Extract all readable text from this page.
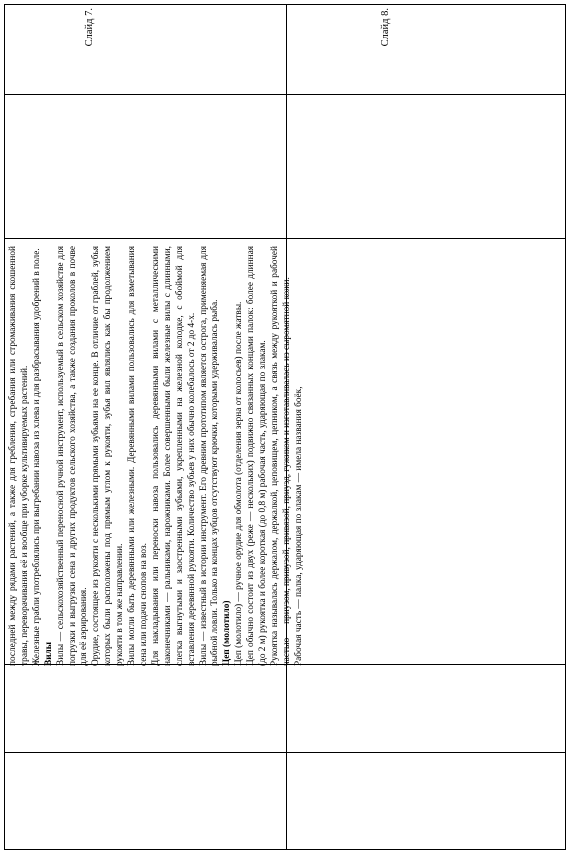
Слайд 7.	Слайд 8.

последней между рядами растений, а также для гребления, сгребания или стромаживания скошенной травы, переворачивания её и вообще при уборке культивируемых растений. Железные грабли употреблялись при выгребании навоза из хлева и для разбрасывания удобрений в поле. Вилы Вилы — сельскохозяйственный переносной ручной инструмент, используемый в сельском хозяйстве для погрузки и выгрузки сена и других продуктов сельского хозяйства, а также создания проколов в почве для её аэрирования. Орудие, состоящее из рукояти с несколькими прямыми зубьями на ее конце. В отличие от граблей, зубья которых были расположены под прямым углом к рукояти, зубья вил являлись как бы продолжением рукояти в том же направлении. Вилы могли быть деревянными или железными. Деревянными вилами пользовались для взметывания сена или подачи снопов на воз. Для накладывания или переноски навоза пользовались деревянными вилами с металлическими наконечниками — ральниками, нарожниками. Более совершенными были железные вилы с длинными, слегка выгнутыми и заостренными зубьями, укрепленными на железной колодке, с обоймой для вставления деревянной рукояти. Количество зубьев у них обычно колебалось от 2 до 4-х. Вилы — известный в истории инструмент. Его древним прототипом является острога, применяемая для рыбной ловли. Только на концах зубцов отсутствуют крючки, которыми удерживалась рыба. Цеп (молотило) Цеп (молотило) — ручное орудие для обмолота (отделения зерна от колосьев) после жатвы. Цеп обычно состоит из двух (реже — нескольких) подвижно связанных концами палок: более длинная (до 2 м) рукоятка и более короткая (до 0,8 м) рабочая часть, ударяющая по злакам. Рукоятка называлась держалом, держалкой, цеповищем, цепником, а связь между рукояткой и рабочей частью — приузом, привузой, привязой, приузд, гужиком и изготавливалась из сыромятной кожи. Рабочая часть — палка, ударяющая по злакам — имела названия боёк,
